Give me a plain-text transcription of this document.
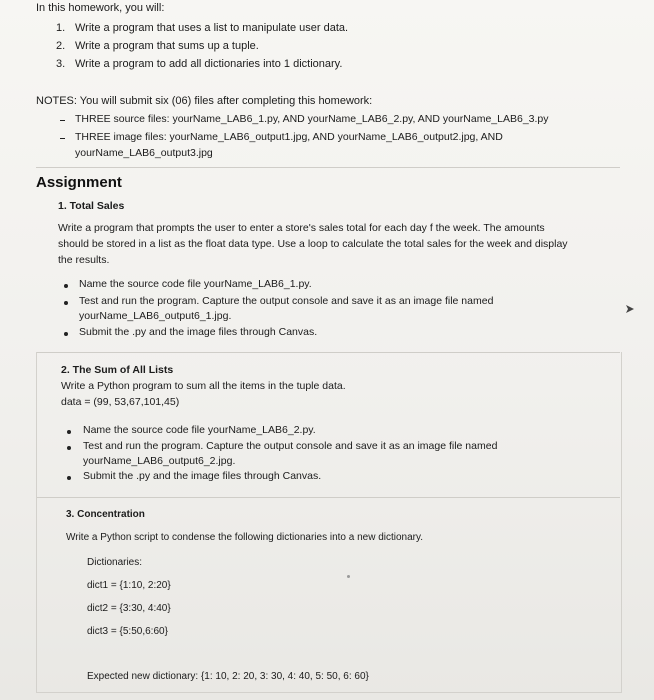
In this homework, you will:
1. Write a program that uses a list to manipulate user data.
2. Write a program that sums up a tuple.
3. Write a program to add all dictionaries into 1 dictionary.
NOTES: You will submit six (06) files after completing this homework:
THREE source files: yourName_LAB6_1.py, AND yourName_LAB6_2.py, AND yourName_LAB6_3.py
THREE image files: yourName_LAB6_output1.jpg, AND yourName_LAB6_output2.jpg, AND
yourName_LAB6_output3.jpg
Assignment
1. Total Sales
Write a program that prompts the user to enter a store's sales total for each day f the week. The amounts
should be stored in a list as the float data type. Use a loop to calculate the total sales for the week and display
the results.
Name the source code file yourName_LAB6_1.py.
Test and run the program. Capture the output console and save it as an image file named
yourName_LAB6_output6_1.jpg.
Submit the .py and the image files through Canvas.
2. The Sum of All Lists
Write a Python program to sum all the items in the tuple data.
data = (99, 53,67,101,45)
Name the source code file yourName_LAB6_2.py.
Test and run the program. Capture the output console and save it as an image file named
yourName_LAB6_output6_2.jpg.
Submit the .py and the image files through Canvas.
3. Concentration
Write a Python script to condense the following dictionaries into a new dictionary.
Dictionaries:
dict1 = {1:10, 2:20}
dict2 = {3:30, 4:40}
dict3 = {5:50,6:60}
Expected new dictionary: {1: 10, 2: 20, 3: 30, 4: 40, 5: 50, 6: 60}
